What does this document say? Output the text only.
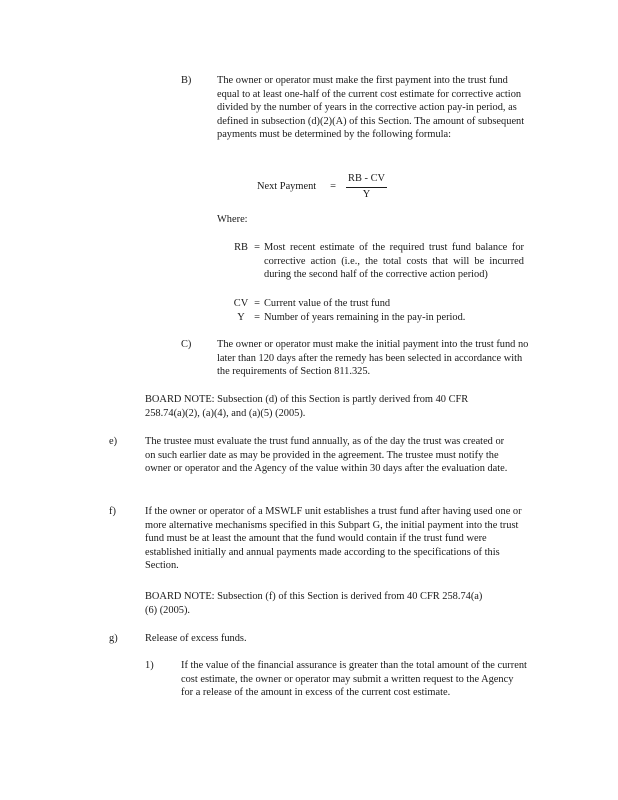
B) The owner or operator must make the first payment into the trust fund equal to at least one-half of the current cost estimate for corrective action divided by the number of years in the corrective action pay-in period, as defined in subsection (d)(2)(A) of this Section. The amount of subsequent payments must be determined by the following formula:
Next Payment = $\frac{RB - CV}{Y}$
Where:
RB = Most recent estimate of the required trust fund balance for corrective action (i.e., the total costs that will be incurred during the second half of the corrective action period)
CV = Current value of the trust fund
Y = Number of years remaining in the pay-in period.
C) The owner or operator must make the initial payment into the trust fund no later than 120 days after the remedy has been selected in accordance with the requirements of Section 811.325.
BOARD NOTE: Subsection (d) of this Section is partly derived from 40 CFR 258.74(a)(2), (a)(4), and (a)(5) (2005).
e)	The trustee must evaluate the trust fund annually, as of the day the trust was created or on such earlier date as may be provided in the agreement. The trustee must notify the owner or operator and the Agency of the value within 30 days after the evaluation date.
f)	If the owner or operator of a MSWLF unit establishes a trust fund after having used one or more alternative mechanisms specified in this Subpart G, the initial payment into the trust fund must be at least the amount that the fund would contain if the trust fund were established initially and annual payments made according to the specifications of this Section.
BOARD NOTE: Subsection (f) of this Section is derived from 40 CFR 258.74(a)(6) (2005).
g)	Release of excess funds.
1)	If the value of the financial assurance is greater than the total amount of the current cost estimate, the owner or operator may submit a written request to the Agency for a release of the amount in excess of the current cost estimate.
